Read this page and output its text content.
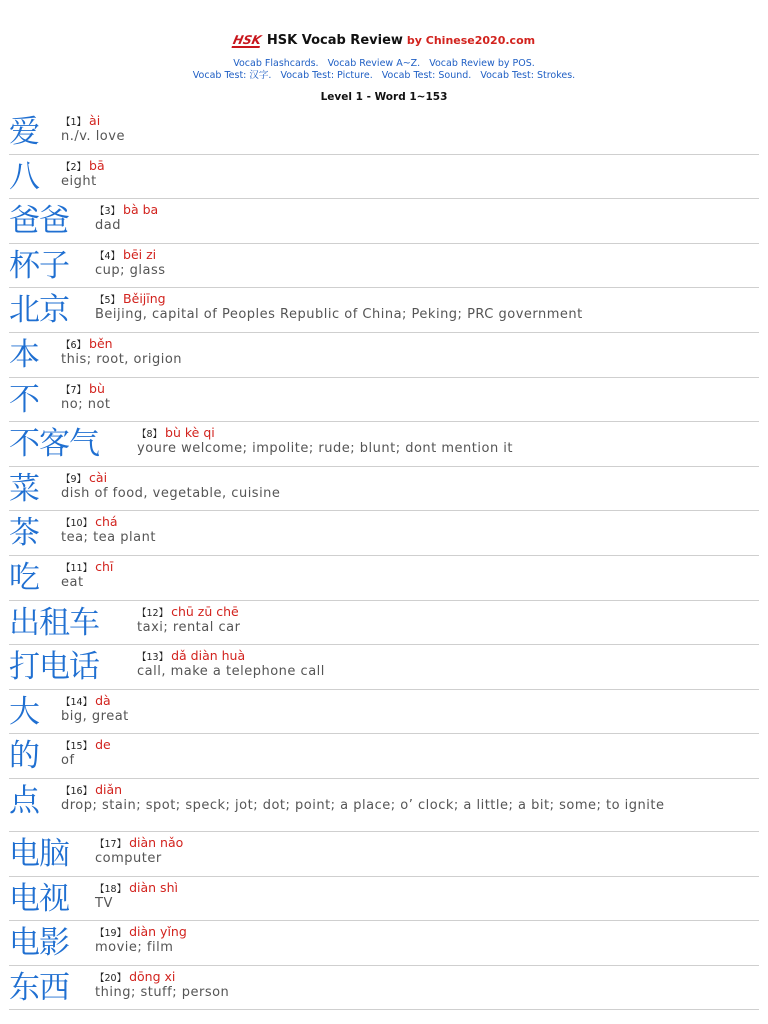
HSK HSK Vocab Review by Chinese2020.com
Vocab Flashcards. Vocab Review A~Z. Vocab Review by POS.
Vocab Test: 汉字. Vocab Test: Picture. Vocab Test: Sound. Vocab Test: Strokes.
Level 1 - Word 1~153
爱 【1】 ài
n./v. love
八 【2】 bā
eight
爸爸	【3】 bà ba
dad
杯子	【4】 bēi zi
cup; glass
北京	【5】 Běijīng
Beijing, capital of Peoples Republic of China; Peking; PRC government
本 【6】 běn
this; root, origion
不 【7】 bù
no; not
不客气	【8】 bù kè qi
youre welcome; impolite; rude; blunt; dont mention it
菜 【9】 cài
dish of food, vegetable, cuisine
茶 【10】 chá
tea; tea plant
吃 【11】 chī
eat
出租车	【12】 chū zū chē
taxi; rental car
打电话	【13】 dǎ diàn huà
call, make a telephone call
大 【14】 dà
big, great
的 【15】 de
of
点 【16】 diǎn
drop; stain; spot; speck; jot; dot; point; a place; o’ clock; a little; a bit; some; to ignite
电脑	【17】 diàn nǎo
computer
电视	【18】 diàn shì
TV
电影	【19】 diàn yǐng
movie; film
东西	【20】 dōng xi
thing; stuff; person
